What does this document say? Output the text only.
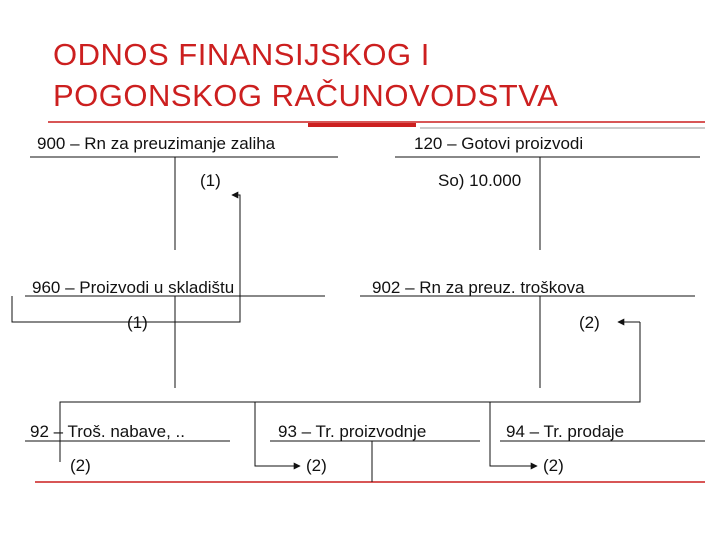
ODNOS FINANSIJSKOG I
POGONSKOG RAČUNOVODSTVA
900 – Rn za preuzimanje zaliha
(1)
120 – Gotovi proizvodi
So) 10.000
960 – Proizvodi u skladištu
(1)
902 – Rn za preuz. troškova
(2)
92 – Troš. nabave, ..
(2)
93 – Tr. proizvodnje
(2)
94 – Tr. prodaje
(2)
